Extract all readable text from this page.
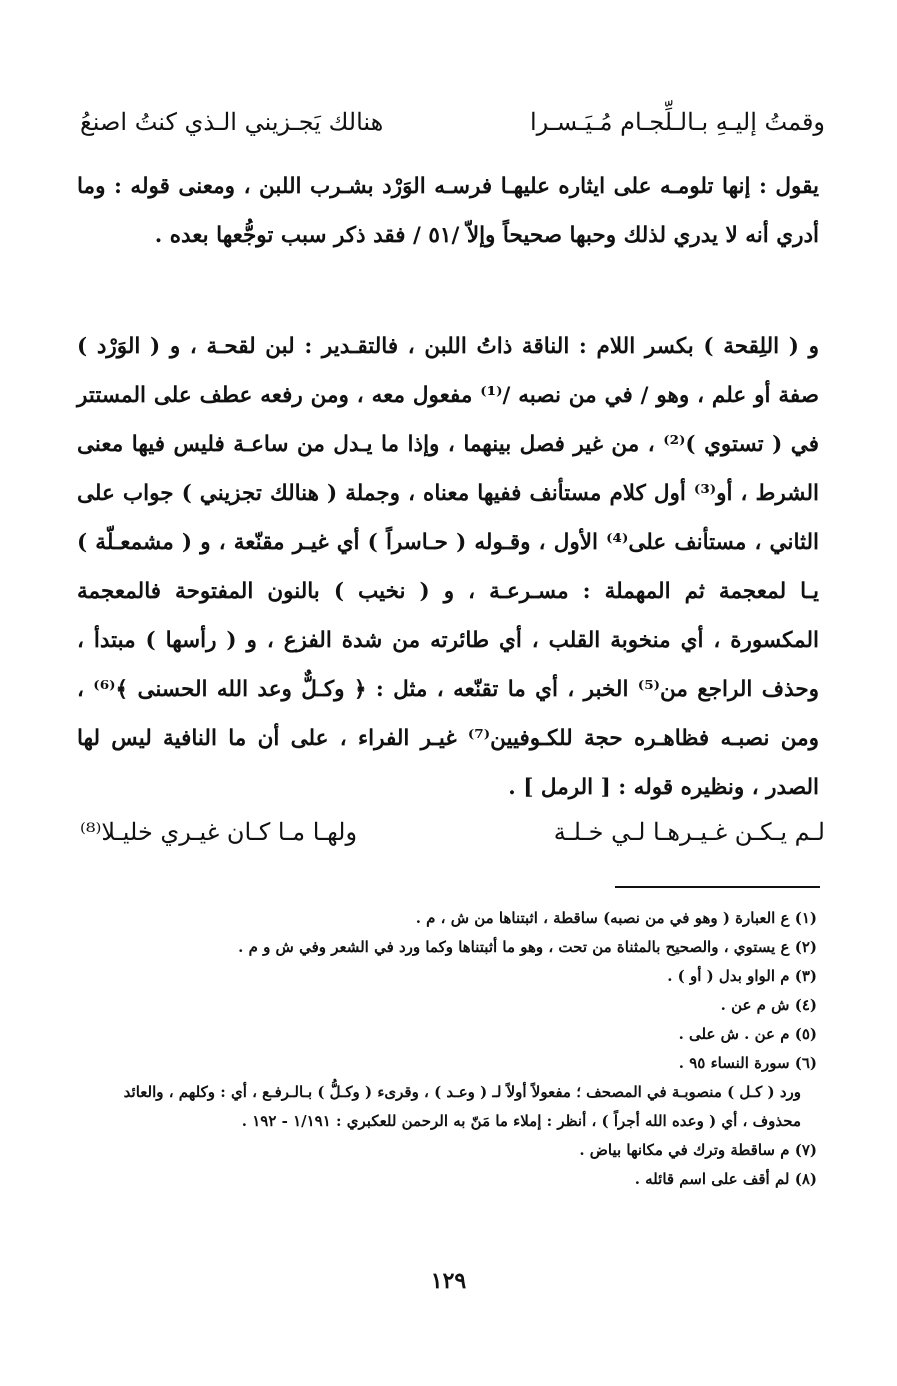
وقمتُ إليـهِ بـالـلِّجـام مُـيَـسـرا
هنالك يَجـزيني الـذي كنتُ اصنعُ

يقول : إنها تلومـه على ايثاره عليهـا فرسـه الوَرْد بشـرب اللبن ، ومعنى قوله : وما أدري أنه لا يدري لذلك وحبها صحيحاً وإلاّ /٥١ / فقد ذكر سبب توجُّعها بعده .

و ( اللِقحة ) بكسر اللام : الناقة ذاتُ اللبن ، فالتقـدير : لبن لقحـة ، و ( الوَرْد ) صفة أو علم ، وهو / في من نصبه /⁽¹⁾ مفعول معه ، ومن رفعه عطف على المستتر في ( تستوي )⁽²⁾ ، من غير فصل بينهما ، وإذا ما يـدل من ساعـة فليس فيها معنى الشرط ، أو⁽³⁾ أول كلام مستأنف ففيها معناه ، وجملة ( هنالك تجزيني ) جواب على الثاني ، مستأنف على⁽⁴⁾ الأول ، وقـوله ( حـاسراً ) أي غيـر مقنّعة ، و ( مشمعـلّة ) يـا لمعجمة ثم المهملة : مسـرعـة ، و ( نخيب ) بالنون المفتوحة فالمعجمة المكسورة ، أي منخوبة القلب ، أي طائرته من شدة الفزع ، و ( رأسها ) مبتدأ ، وحذف الراجع من⁽⁵⁾ الخبر ، أي ما تقنّعه ، مثل : ﴿ وكـلٌّ وعد الله الحسنى ﴾⁽⁶⁾ ، ومن نصبـه فظاهـره حجة للكـوفيين⁽⁷⁾ غيـر الفراء ، على أن ما النافية ليس لها الصدر ، ونظيره قوله : [ الرمل ] .

لـم يـكـن غـيـرهـا لـي خـلـة
ولهـا مـا كـان غيـري خليـلا⁽⁸⁾
(١) ع العبارة ( وهو في من نصبه) ساقطة ، اثبتناها من ش ، م .
(٢) ع يستوي ، والصحيح بالمثناة من تحت ، وهو ما أثبتناها وكما ورد في الشعر وفي ش و م .
(٣) م الواو بدل ( أو ) .
(٤) ش م عن .
(٥) م عن . ش على .
(٦) سورة النساء ٩٥ .
ورد ( كـل ) منصوبـة في المصحف ؛ مفعولاً أولاً لـ ( وعـد ) ، وقرىء ( وكـلُّ ) بـالـرفـع ، أي : وكلهم ، والعائد محذوف ، أي ( وعده الله أجراً ) ، أنظر : إملاء ما مَنّ به الرحمن للعكبري : ١/١٩١ - ١٩٢ .
(٧) م ساقطة وترك في مكانها بياض .
(٨) لم أقف على اسم قائله .
١٢٩
